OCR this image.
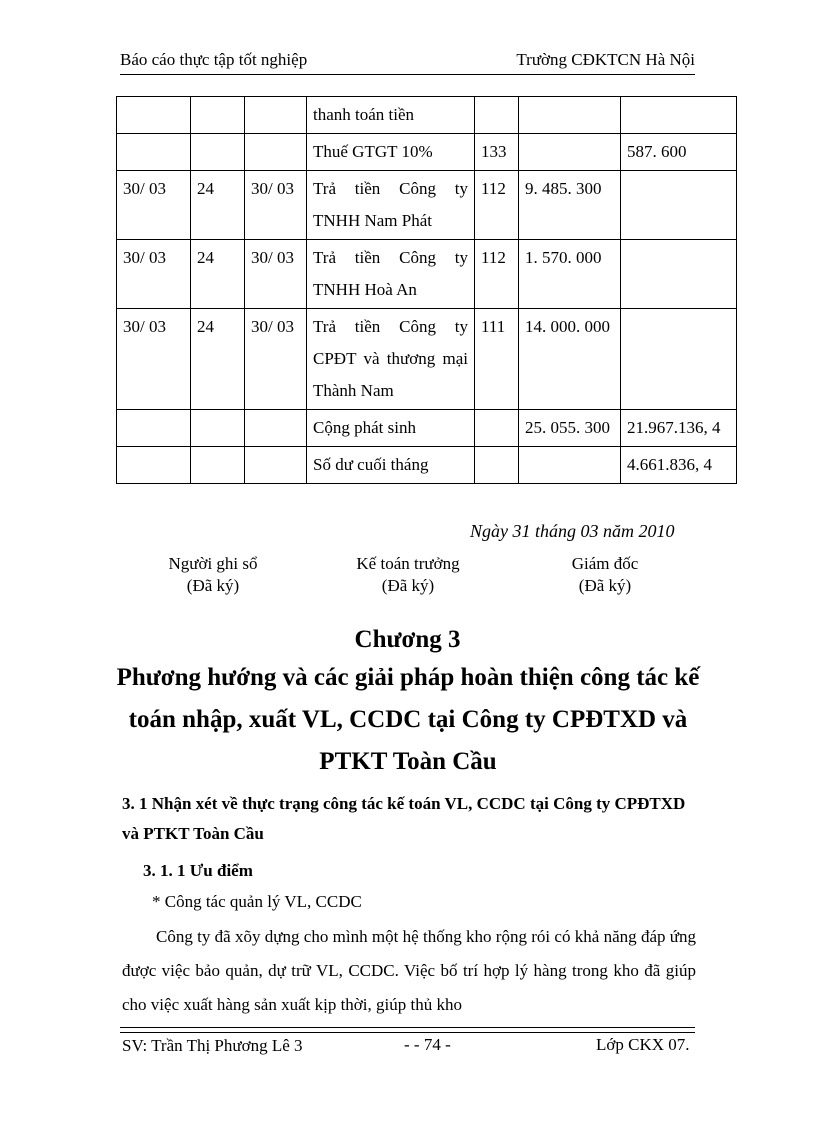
Báo cáo thực tập tốt nghiệp	Trường CĐKTCN Hà Nội
			thanh toán tiền			
			Thuế GTGT 10%	133		587. 600
30/ 03	24	30/ 03	Trả tiền Công ty TNHH Nam Phát	112	9. 485. 300	
30/ 03	24	30/ 03	Trả tiền Công ty TNHH Hoà An	112	1. 570. 000	
30/ 03	24	30/ 03	Trả tiền Công ty CPĐT và thương mại Thành Nam	111	14. 000. 000	
			Cộng phát sinh		25. 055. 300	21.967.136, 4
			Số dư cuối tháng			4.661.836, 4
Ngày 31 tháng 03 năm 2010
Người ghi sổ
(Đã ký)
Kế toán trưởng
(Đã ký)
Giám đốc
(Đã ký)
Chương 3
Phương hướng và các giải pháp hoàn thiện công tác kế toán nhập, xuất VL, CCDC tại Công ty CPĐTXD và PTKT Toàn Cầu
3. 1 Nhận xét về thực trạng công tác kế toán VL, CCDC tại Công ty CPĐTXD và PTKT Toàn Cầu
3. 1. 1 Ưu điểm
* Công tác quản lý VL, CCDC
Công ty đã xõy dựng cho mình một hệ thống kho rộng rói có khả năng đáp ứng được việc bảo quản, dự trữ VL, CCDC. Việc bố trí hợp lý hàng trong kho đã giúp cho việc xuất hàng sản xuất kịp thời, giúp thủ kho
SV: Trần Thị Phương Lê 3	- - 74 -	Lớp CKX 07.
